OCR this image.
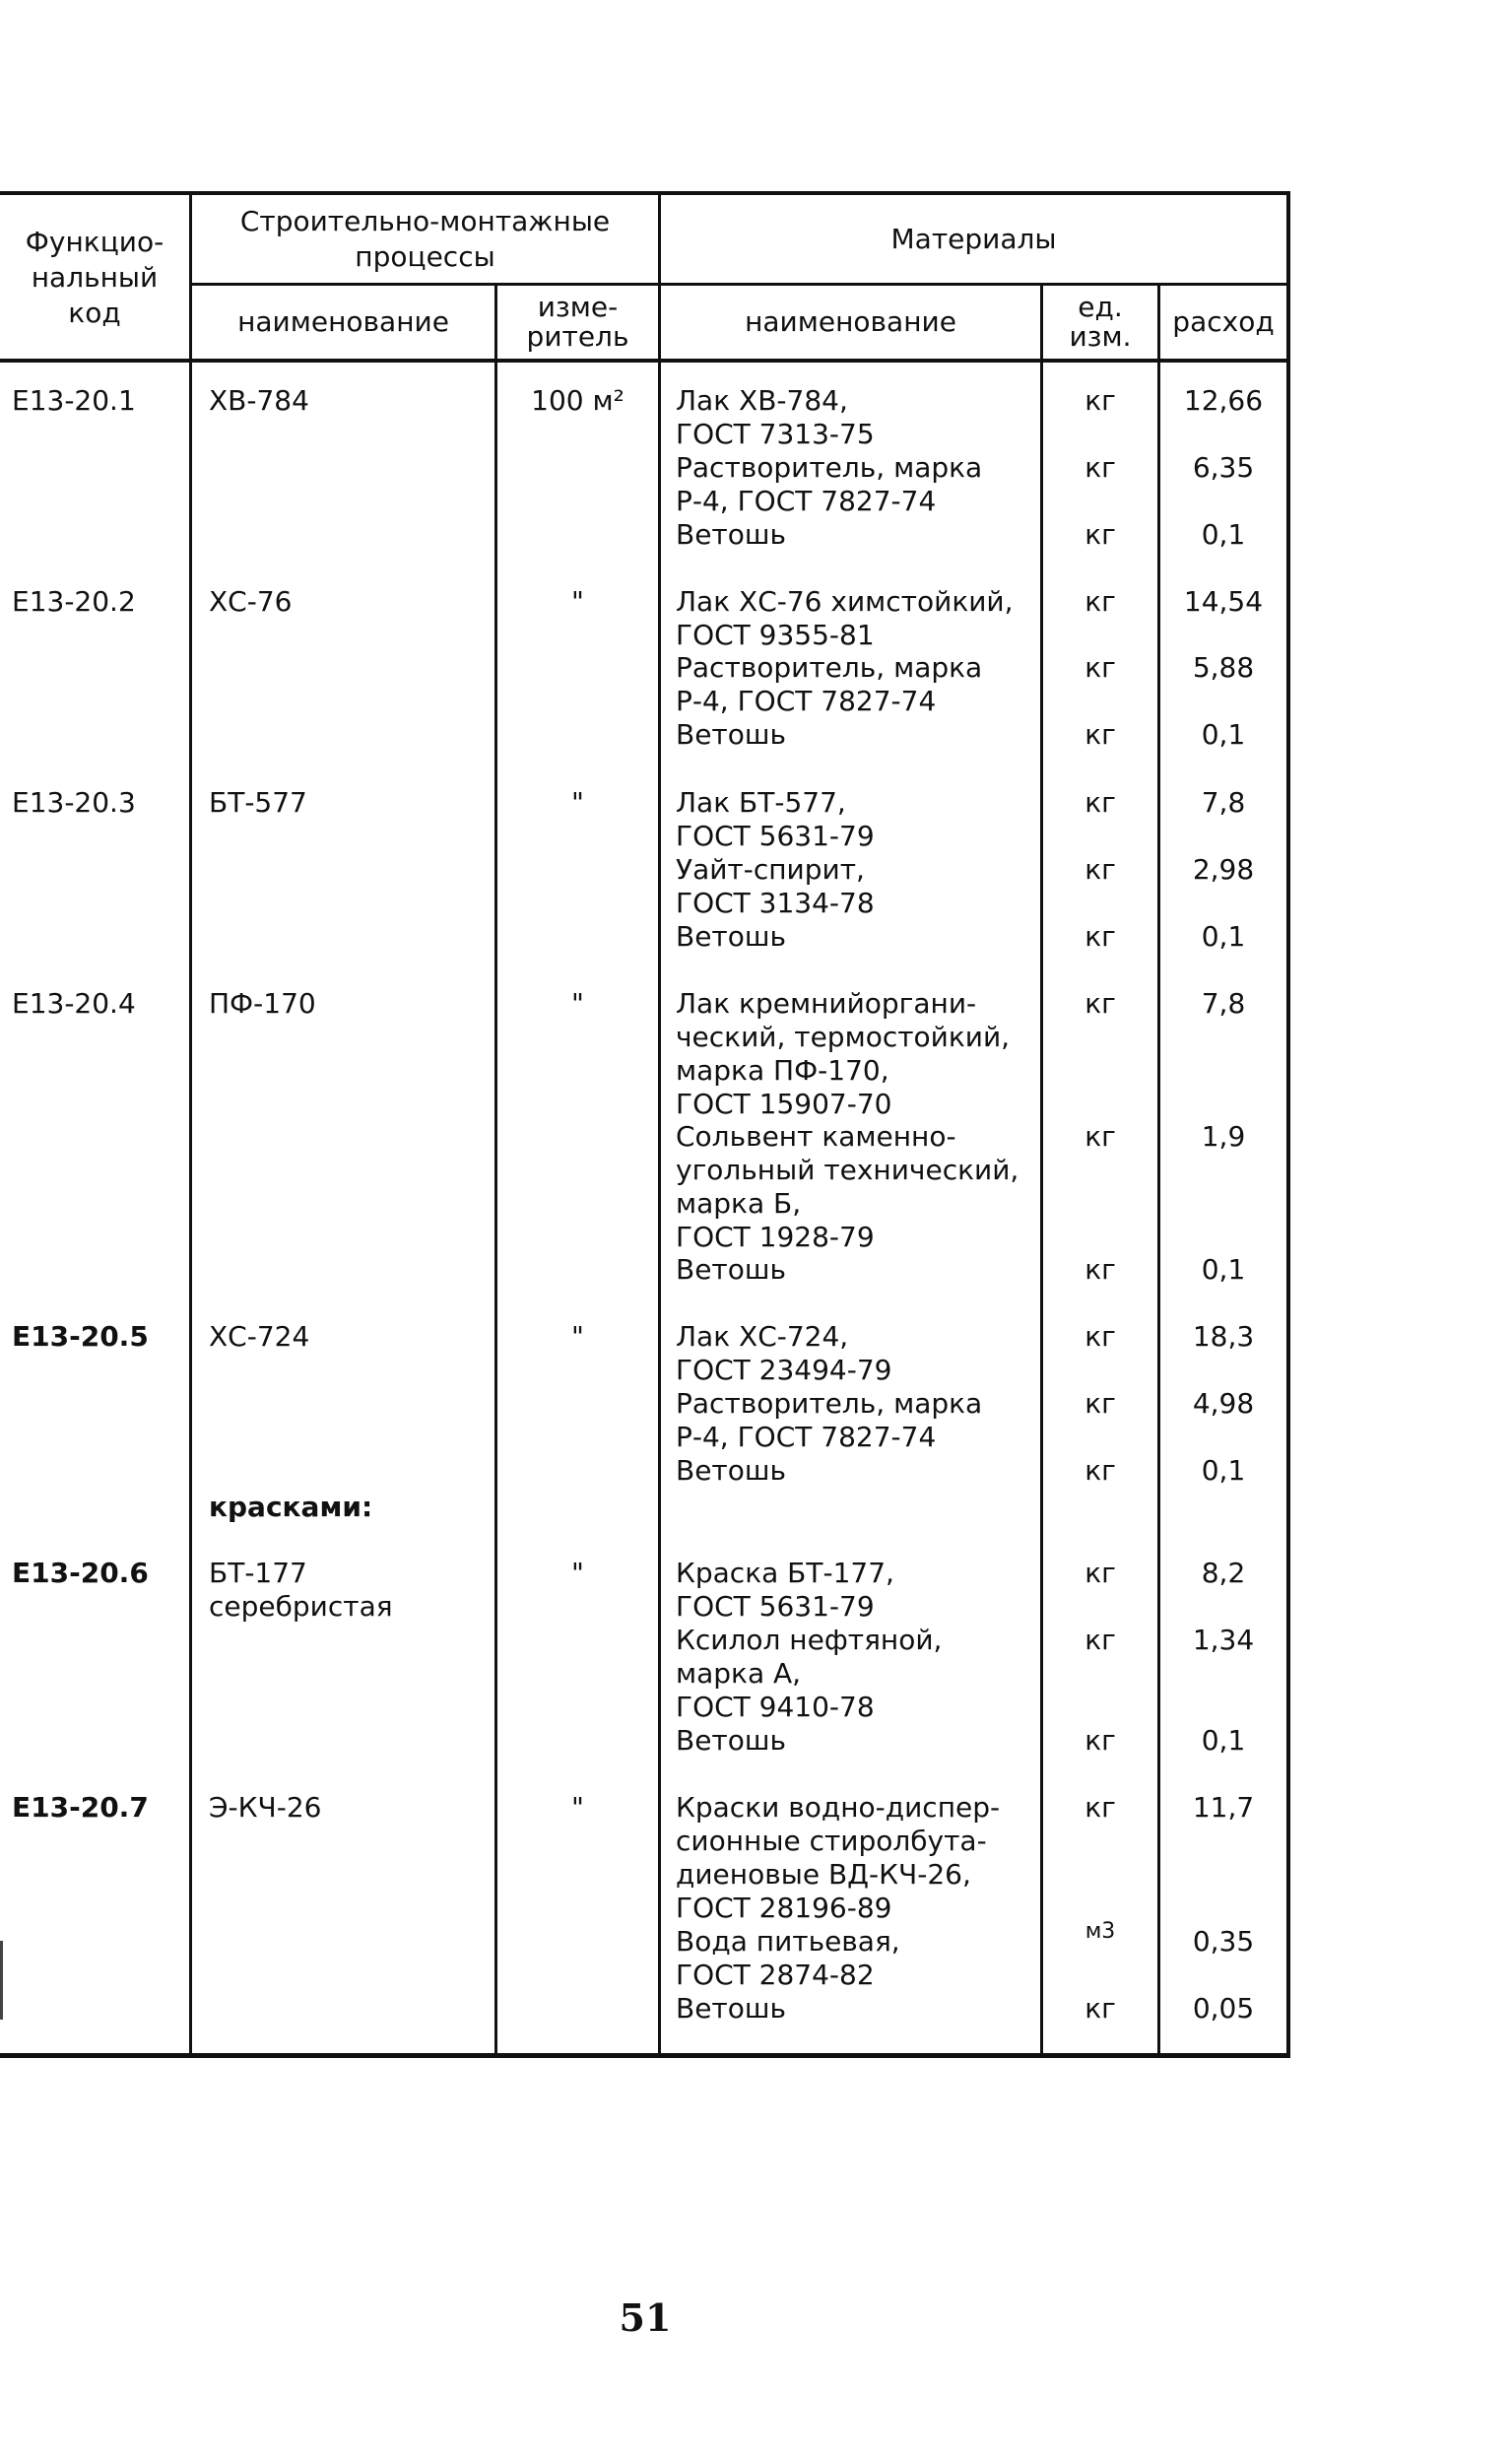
Функцио-
нальный
код
Строительно-монтажные
процессы
наименование	изме-
ритель
Материалы
наименование	ед.
изм.	расход
E13-20.1	ХВ-784	100 м²	Лак ХВ-784,
ГОСТ 7313-75
кг	12,66
Растворитель, марка
Р-4, ГОСТ 7827-74
кг	6,35
Ветошь	кг	0,1
E13-20.2	ХС-76	"	Лак ХС-76 химстойкий,
ГОСТ 9355-81
кг	14,54
Растворитель, марка
Р-4, ГОСТ 7827-74
кг	5,88
Ветошь	кг	0,1
E13-20.3	БТ-577	"	Лак БТ-577,
ГОСТ 5631-79
кг	7,8
Уайт-спирит,
ГОСТ 3134-78
кг	2,98
Ветошь	кг	0,1
E13-20.4	ПФ-170	"	Лак кремнийоргани-
ческий, термостойкий,
марка ПФ-170,
ГОСТ 15907-70
кг	7,8
Сольвент каменно-
угольный технический,
марка Б,
ГОСТ 1928-79
кг	1,9
Ветошь	кг	0,1
E13-20.5 ХС-724	"	Лак ХС-724,
ГОСТ 23494-79
кг	18,3
Растворитель, марка
Р-4, ГОСТ 7827-74
кг	4,98
Ветошь	кг	0,1
красками:
E13-20.6 БТ-177
серебристая
"	Краска БТ-177,
ГОСТ 5631-79
кг	8,2
Ксилол нефтяной,
марка А,
ГОСТ 9410-78
кг	1,34
Ветошь	кг	0,1
E13-20.7 Э-КЧ-26	"	Краски водно-диспер-
сионные стиролбута-
диеновые ВД-КЧ-26,
ГОСТ 28196-89
кг	11,7
Вода питьевая,
ГОСТ 2874-82
м3	0,35
Ветошь	кг	0,05
51
